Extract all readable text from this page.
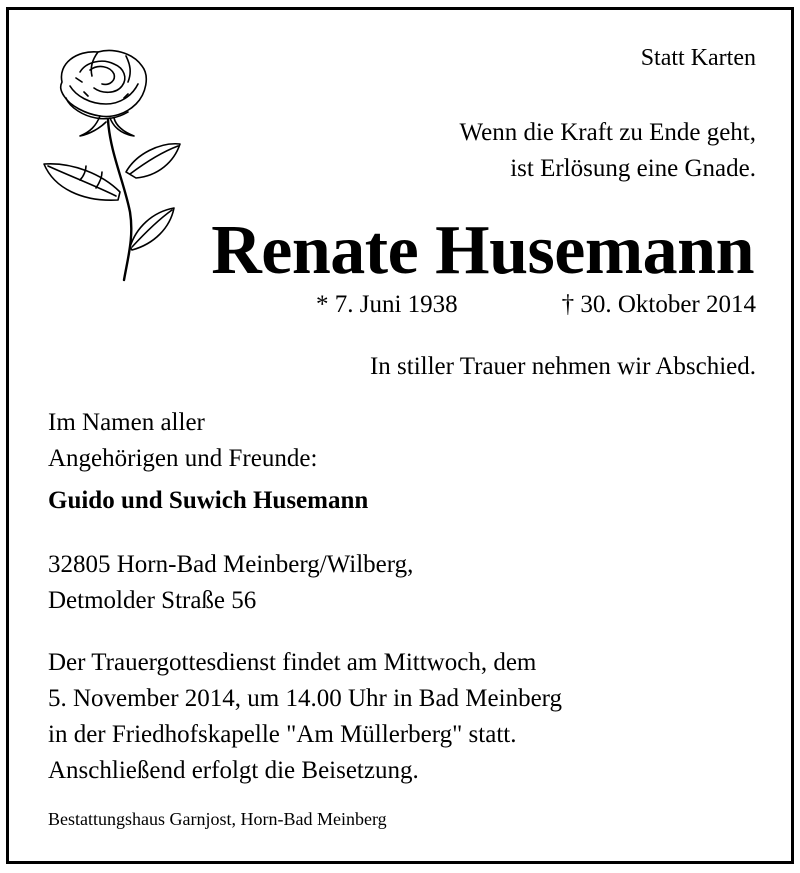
Statt Karten
Wenn die Kraft zu Ende geht,
ist Erlösung eine Gnade.
Renate Husemann
* 7. Juni 1938	† 30. Oktober 2014
In stiller Trauer nehmen wir Abschied.
Im Namen aller
Angehörigen und Freunde:
Guido und Suwich Husemann
32805 Horn-Bad Meinberg/Wilberg,
Detmolder Straße 56
Der Trauergottesdienst findet am Mittwoch, dem
5. November 2014, um 14.00 Uhr in Bad Meinberg
in der Friedhofskapelle "Am Müllerberg" statt.
Anschließend erfolgt die Beisetzung.
Bestattungshaus Garnjost, Horn-Bad Meinberg
